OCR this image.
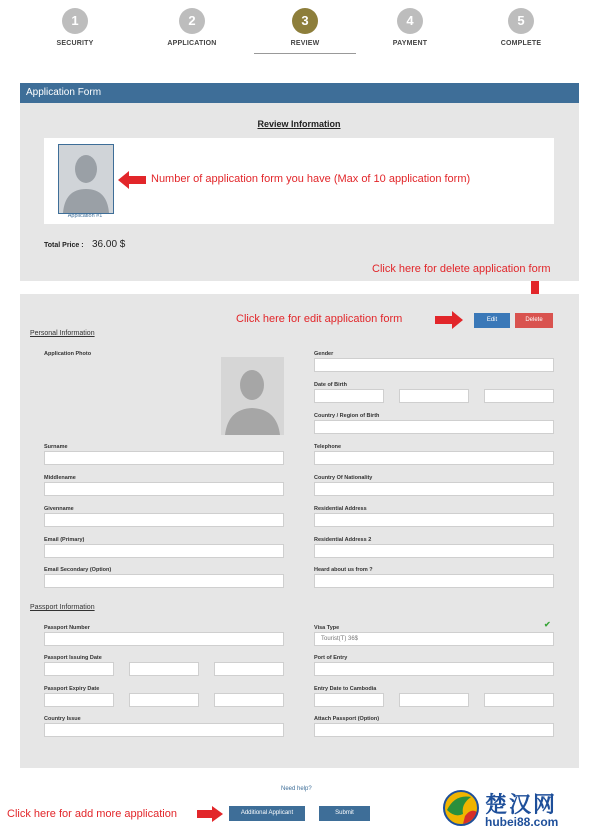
1
SECURITY
2
APPLICATION
3
REVIEW
4
PAYMENT
5
COMPLETE
Application Form
Review Information
Application #1
Number of application form you have (Max of 10 application form)
Total Price : 36.00 $
Click here for delete application form
Click here for edit application form	Edit	Delete
Personal Information
Application Photo
Surname
Middlename
Givenname
Email (Primary)
Email Secondary (Option)
Gender
Date of Birth
Country / Region of Birth
Telephone
Country Of Nationality
Residential Address
Residential Address 2
Heard about us from ?
Passport Information
Passport Number
Passport Issuing Date
Passport Expiry Date
Country Issue
Visa Type	✔
Tourist(T) 36$
Port of Entry
Entry Date to Cambodia
Attach Passport (Option)
Need help?
Click here for add more application	Additional Applicant	Submit	楚汉网
hubei88.com
